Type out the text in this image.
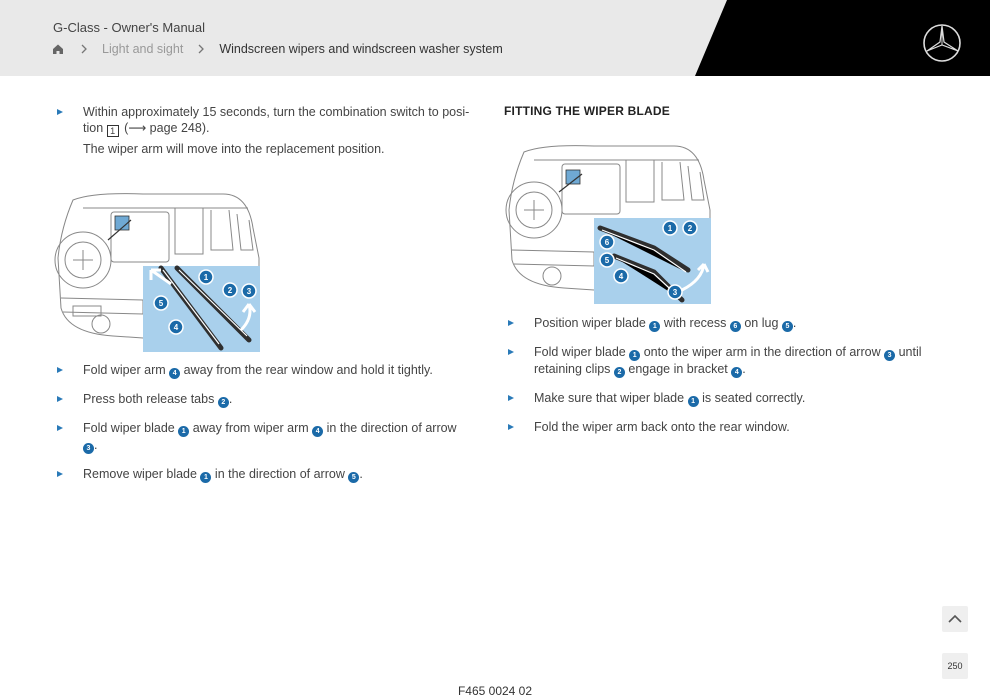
G-Class - Owner's Manual
Light and sight	Windscreen wipers and windscreen washer system
Within approximately 15 seconds, turn the combination switch to posi-
tion 1 (⟶ page 248).
The wiper arm will move into the replacement position.
1
2 3
4
5
Fold wiper arm 4 away from the rear window and hold it tightly.
Press both release tabs 2 .
Fold wiper blade 1 away from wiper arm 4 in the direction of arrow
3 .
Remove wiper blade 1 in the direction of arrow 5 .
FITTING THE WIPER BLADE
1 2
3
4
5
6
Position wiper blade 1 with recess 6 on lug 5 .
Fold wiper blade 1 onto the wiper arm in the direction of arrow 3 until
retaining clips 2 engage in bracket 4 .
Make sure that wiper blade 1 is seated correctly.
Fold the wiper arm back onto the rear window.
250
F465 0024 02
